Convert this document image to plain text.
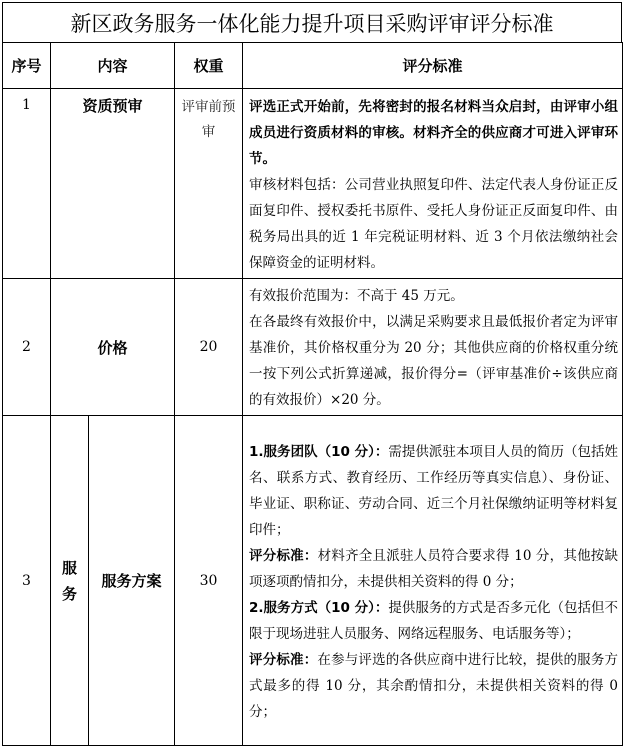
新区政务服务一体化能力提升项目采购评审评分标准
序号	内容		权重	评分标准
1	资质预审		评审前预审	评选正式开始前，先将密封的报名材料当众启封，由评审小组成员进行资质材料的审核。材料齐全的供应商才可进入评审环节。

审核材料包括：公司营业执照复印件、法定代表人身份证正反面复印件、授权委托书原件、受托人身份证正反面复印件、由税务局出具的近 1 年完税证明材料、近 3 个月依法缴纳社会保障资金的证明材料。

2	价格		20	有效报价范围为：不高于 45 万元。

在各最终有效报价中，以满足采购要求且最低报价者定为评审基准价，其价格权重分为 20 分；其他供应商的价格权重分统一按下列公式折算递减，报价得分=（评审基准价÷该供应商的有效报价）×20 分。

3	服务	服务方案	30	1.服务团队（10 分）：需提供派驻本项目人员的简历（包括姓名、联系方式、教育经历、工作经历等真实信息）、身份证、毕业证、职称证、劳动合同、近三个月社保缴纳证明等材料复印件；

评分标准：材料齐全且派驻人员符合要求得 10 分，其他按缺项逐项酌情扣分，未提供相关资料的得 0 分；

2.服务方式（10 分）：提供服务的方式是否多元化（包括但不限于现场进驻人员服务、网络远程服务、电话服务等）；

评分标准：在参与评选的各供应商中进行比较，提供的服务方式最多的得 10 分，其余酌情扣分，未提供相关资料的得 0 分；
